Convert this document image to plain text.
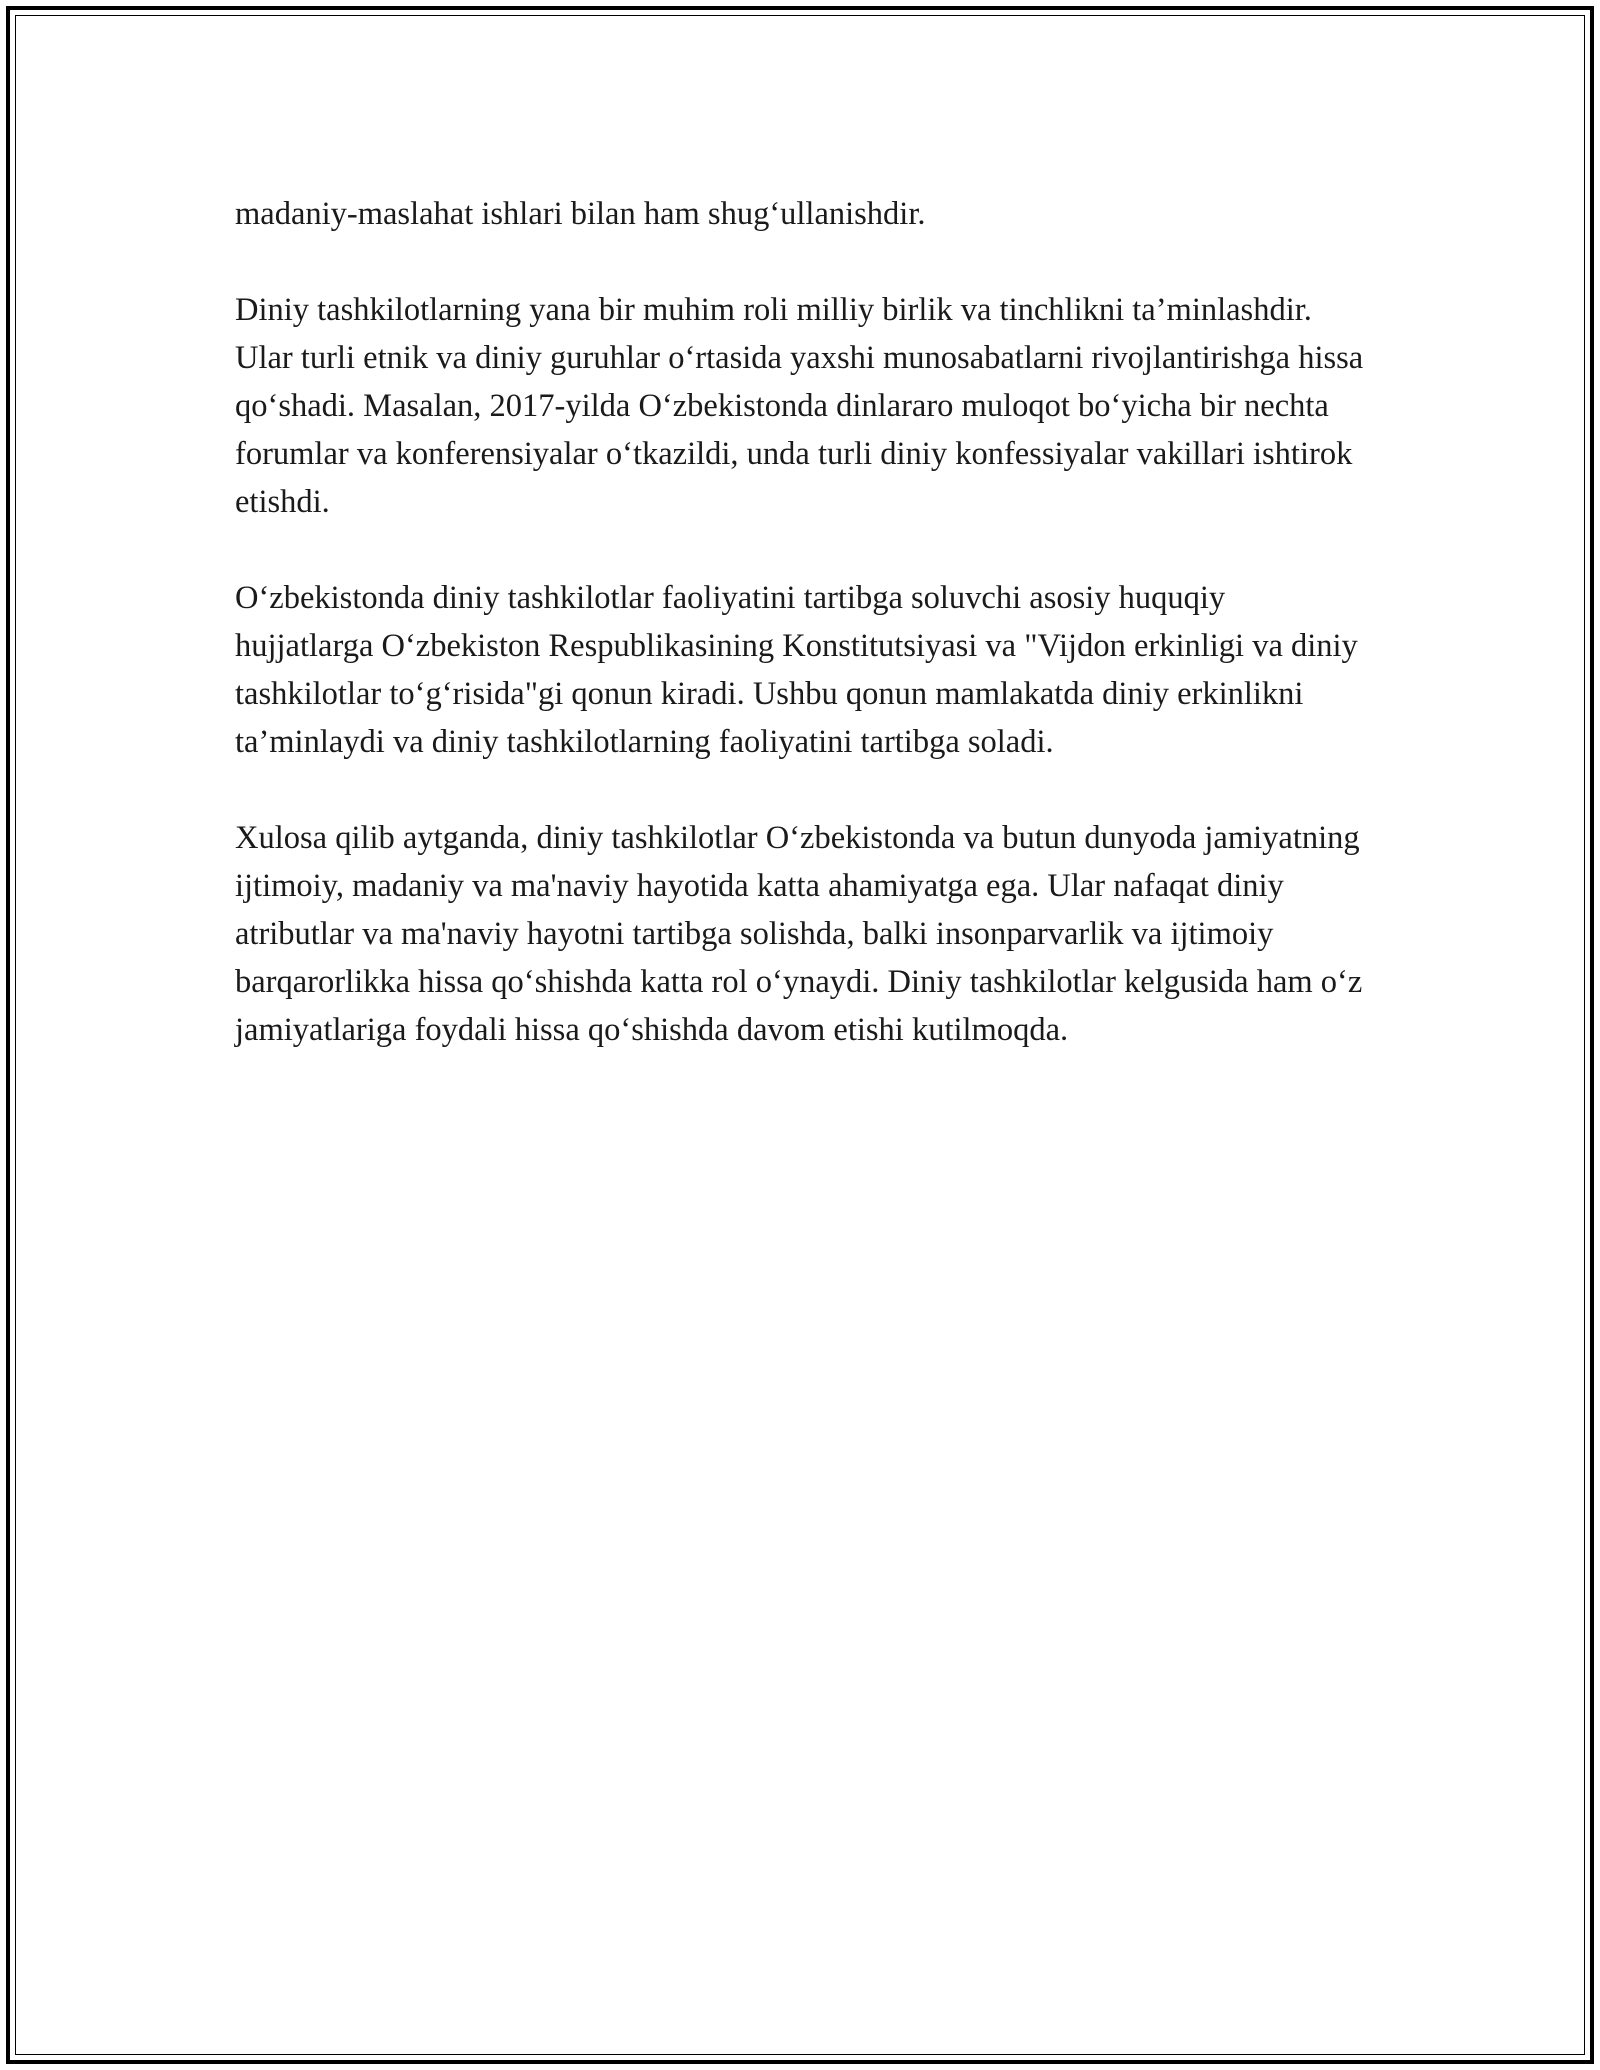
madaniy-maslahat ishlari bilan ham shug‘ullanishdir.

Diniy tashkilotlarning yana bir muhim roli milliy birlik va tinchlikni ta’minlashdir. Ular turli etnik va diniy guruhlar o‘rtasida yaxshi munosabatlarni rivojlantirishga hissa qo‘shadi. Masalan, 2017-yilda O‘zbekistonda dinlararo muloqot bo‘yicha bir nechta forumlar va konferensiyalar o‘tkazildi, unda turli diniy konfessiyalar vakillari ishtirok etishdi.

O‘zbekistonda diniy tashkilotlar faoliyatini tartibga soluvchi asosiy huquqiy hujjatlarga O‘zbekiston Respublikasining Konstitutsiyasi va "Vijdon erkinligi va diniy tashkilotlar to‘g‘risida"gi qonun kiradi. Ushbu qonun mamlakatda diniy erkinlikni ta’minlaydi va diniy tashkilotlarning faoliyatini tartibga soladi.

Xulosa qilib aytganda, diniy tashkilotlar O‘zbekistonda va butun dunyoda jamiyatning ijtimoiy, madaniy va ma'naviy hayotida katta ahamiyatga ega. Ular nafaqat diniy atributlar va ma'naviy hayotni tartibga solishda, balki insonparvarlik va ijtimoiy barqarorlikka hissa qo‘shishda katta rol o‘ynaydi. Diniy tashkilotlar kelgusida ham o‘z jamiyatlariga foydali hissa qo‘shishda davom etishi kutilmoqda.
